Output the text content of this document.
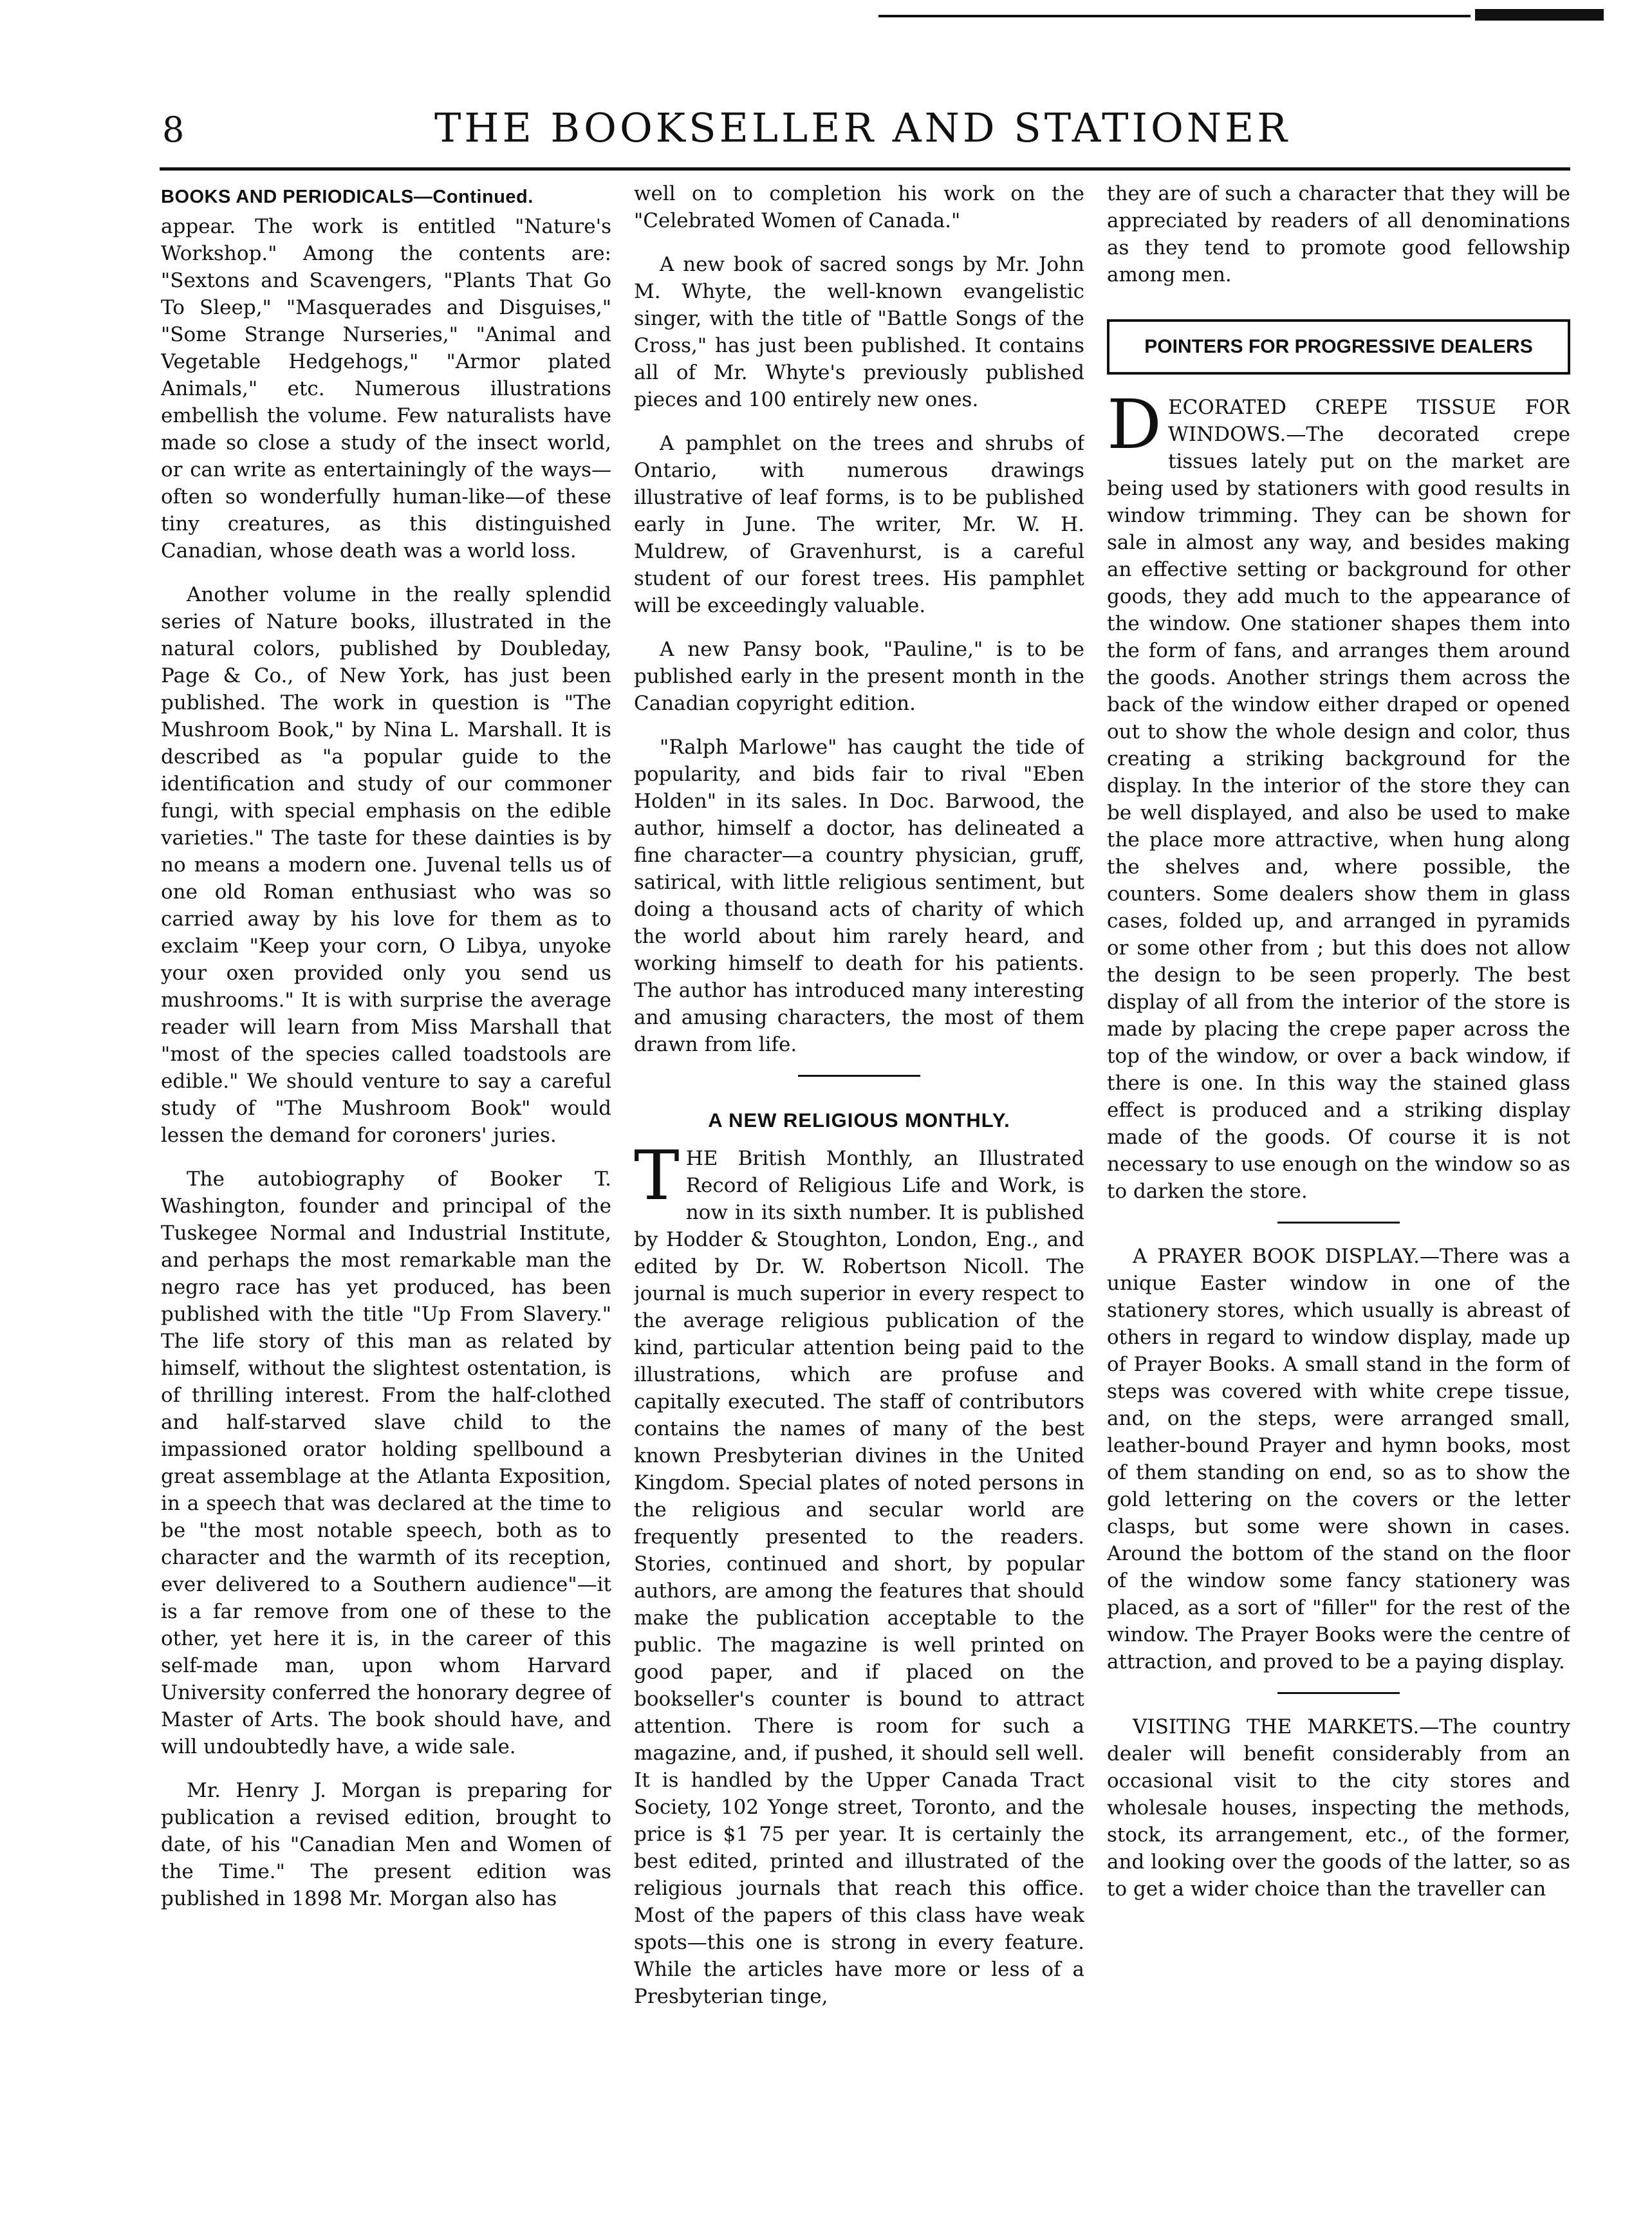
8	THE BOOKSELLER AND STATIONER
BOOKS AND PERIODICALS—Continued.

appear. The work is entitled "Nature's Workshop." Among the contents are: "Sextons and Scavengers, "Plants That Go To Sleep," "Masquerades and Disguises," "Some Strange Nurseries," "Animal and Vegetable Hedgehogs," "Armor plated Animals," etc. Numerous illustrations embellish the volume. Few naturalists have made so close a study of the insect world, or can write as entertainingly of the ways—often so wonderfully human-like—of these tiny creatures, as this distinguished Canadian, whose death was a world loss.

Another volume in the really splendid series of Nature books, illustrated in the natural colors, published by Doubleday, Page & Co., of New York, has just been published. The work in question is "The Mushroom Book," by Nina L. Marshall. It is described as "a popular guide to the identification and study of our commoner fungi, with special emphasis on the edible varieties." The taste for these dainties is by no means a modern one. Juvenal tells us of one old Roman enthusiast who was so carried away by his love for them as to exclaim "Keep your corn, O Libya, unyoke your oxen provided only you send us mushrooms." It is with surprise the average reader will learn from Miss Marshall that "most of the species called toadstools are edible." We should venture to say a careful study of "The Mushroom Book" would lessen the demand for coroners' juries.

The autobiography of Booker T. Washington, founder and principal of the Tuskegee Normal and Industrial Institute, and perhaps the most remarkable man the negro race has yet produced, has been published with the title "Up From Slavery." The life story of this man as related by himself, without the slightest ostentation, is of thrilling interest. From the half-clothed and half-starved slave child to the impassioned orator holding spellbound a great assemblage at the Atlanta Exposition, in a speech that was declared at the time to be "the most notable speech, both as to character and the warmth of its reception, ever delivered to a Southern audience"—it is a far remove from one of these to the other, yet here it is, in the career of this self-made man, upon whom Harvard University conferred the honorary degree of Master of Arts. The book should have, and will undoubtedly have, a wide sale.

Mr. Henry J. Morgan is preparing for publication a revised edition, brought to date, of his "Canadian Men and Women of the Time." The present edition was published in 1898 Mr. Morgan also has

well on to completion his work on the "Celebrated Women of Canada."

A new book of sacred songs by Mr. John M. Whyte, the well-known evangelistic singer, with the title of "Battle Songs of the Cross," has just been published. It contains all of Mr. Whyte's previously published pieces and 100 entirely new ones.

A pamphlet on the trees and shrubs of Ontario, with numerous drawings illustrative of leaf forms, is to be published early in June. The writer, Mr. W. H. Muldrew, of Gravenhurst, is a careful student of our forest trees. His pamphlet will be exceedingly valuable.

A new Pansy book, "Pauline," is to be published early in the present month in the Canadian copyright edition.

"Ralph Marlowe" has caught the tide of popularity, and bids fair to rival "Eben Holden" in its sales. In Doc. Barwood, the author, himself a doctor, has delineated a fine character—a country physician, gruff, satirical, with little religious sentiment, but doing a thousand acts of charity of which the world about him rarely heard, and working himself to death for his patients. The author has introduced many interesting and amusing characters, the most of them drawn from life.

A NEW RELIGIOUS MONTHLY.

THE British Monthly, an Illustrated Record of Religious Life and Work, is now in its sixth number. It is published by Hodder & Stoughton, London, Eng., and edited by Dr. W. Robertson Nicoll. The journal is much superior in every respect to the average religious publication of the kind, particular attention being paid to the illustrations, which are profuse and capitally executed. The staff of contributors contains the names of many of the best known Presbyterian divines in the United Kingdom. Special plates of noted persons in the religious and secular world are frequently presented to the readers. Stories, continued and short, by popular authors, are among the features that should make the publication acceptable to the public. The magazine is well printed on good paper, and if placed on the bookseller's counter is bound to attract attention. There is room for such a magazine, and, if pushed, it should sell well. It is handled by the Upper Canada Tract Society, 102 Yonge street, Toronto, and the price is $1 75 per year. It is certainly the best edited, printed and illustrated of the religious journals that reach this office. Most of the papers of this class have weak spots—this one is strong in every feature. While the articles have more or less of a Presbyterian tinge,

they are of such a character that they will be appreciated by readers of all denominations as they tend to promote good fellowship among men.

POINTERS FOR PROGRESSIVE DEALERS

DECORATED CREPE TISSUE FOR WINDOWS.—The decorated crepe tissues lately put on the market are being used by stationers with good results in window trimming. They can be shown for sale in almost any way, and besides making an effective setting or background for other goods, they add much to the appearance of the window. One stationer shapes them into the form of fans, and arranges them around the goods. Another strings them across the back of the window either draped or opened out to show the whole design and color, thus creating a striking background for the display. In the interior of the store they can be well displayed, and also be used to make the place more attractive, when hung along the shelves and, where possible, the counters. Some dealers show them in glass cases, folded up, and arranged in pyramids or some other from ; but this does not allow the design to be seen properly. The best display of all from the interior of the store is made by placing the crepe paper across the top of the window, or over a back window, if there is one. In this way the stained glass effect is produced and a striking display made of the goods. Of course it is not necessary to use enough on the window so as to darken the store.

A PRAYER BOOK DISPLAY.—There was a unique Easter window in one of the stationery stores, which usually is abreast of others in regard to window display, made up of Prayer Books. A small stand in the form of steps was covered with white crepe tissue, and, on the steps, were arranged small, leather-bound Prayer and hymn books, most of them standing on end, so as to show the gold lettering on the covers or the letter clasps, but some were shown in cases. Around the bottom of the stand on the floor of the window some fancy stationery was placed, as a sort of "filler" for the rest of the window. The Prayer Books were the centre of attraction, and proved to be a paying display.

VISITING THE MARKETS.—The country dealer will benefit considerably from an occasional visit to the city stores and wholesale houses, inspecting the methods, stock, its arrangement, etc., of the former, and looking over the goods of the latter, so as to get a wider choice than the traveller can
